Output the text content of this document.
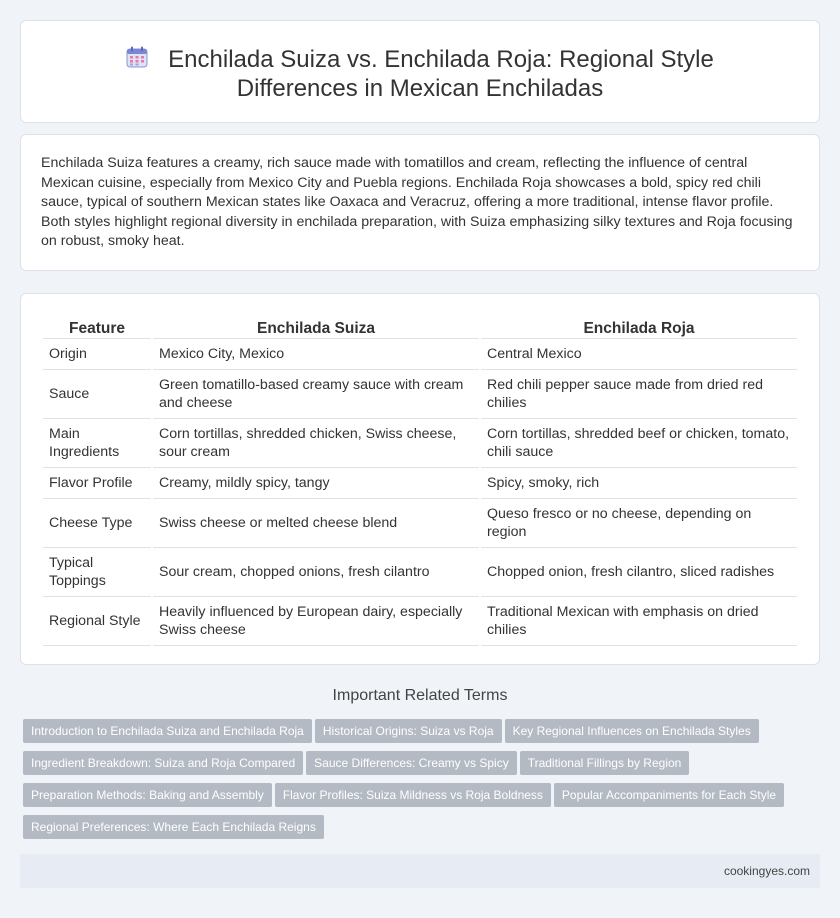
Enchilada Suiza vs. Enchilada Roja: Regional Style Differences in Mexican Enchiladas

Enchilada Suiza features a creamy, rich sauce made with tomatillos and cream, reflecting the influence of central Mexican cuisine, especially from Mexico City and Puebla regions. Enchilada Roja showcases a bold, spicy red chili sauce, typical of southern Mexican states like Oaxaca and Veracruz, offering a more traditional, intense flavor profile. Both styles highlight regional diversity in enchilada preparation, with Suiza emphasizing silky textures and Roja focusing on robust, smoky heat.

Feature	Enchilada Suiza	Enchilada Roja
Origin	Mexico City, Mexico	Central Mexico
Sauce	Green tomatillo-based creamy sauce with cream and cheese	Red chili pepper sauce made from dried red chilies
Main Ingredients	Corn tortillas, shredded chicken, Swiss cheese, sour cream	Corn tortillas, shredded beef or chicken, tomato, chili sauce
Flavor Profile	Creamy, mildly spicy, tangy	Spicy, smoky, rich
Cheese Type	Swiss cheese or melted cheese blend	Queso fresco or no cheese, depending on region
Typical Toppings	Sour cream, chopped onions, fresh cilantro	Chopped onion, fresh cilantro, sliced radishes
Regional Style	Heavily influenced by European dairy, especially Swiss cheese	Traditional Mexican with emphasis on dried chilies
Important Related Terms
Introduction to Enchilada Suiza and Enchilada Roja Historical Origins: Suiza vs Roja Key Regional Influences on Enchilada StylesIngredient Breakdown: Suiza and Roja Compared Sauce Differences: Creamy vs Spicy Traditional Fillings by RegionPreparation Methods: Baking and Assembly Flavor Profiles: Suiza Mildness vs Roja Boldness Popular Accompaniments for Each StyleRegional Preferences: Where Each Enchilada Reigns
cookingyes.com
